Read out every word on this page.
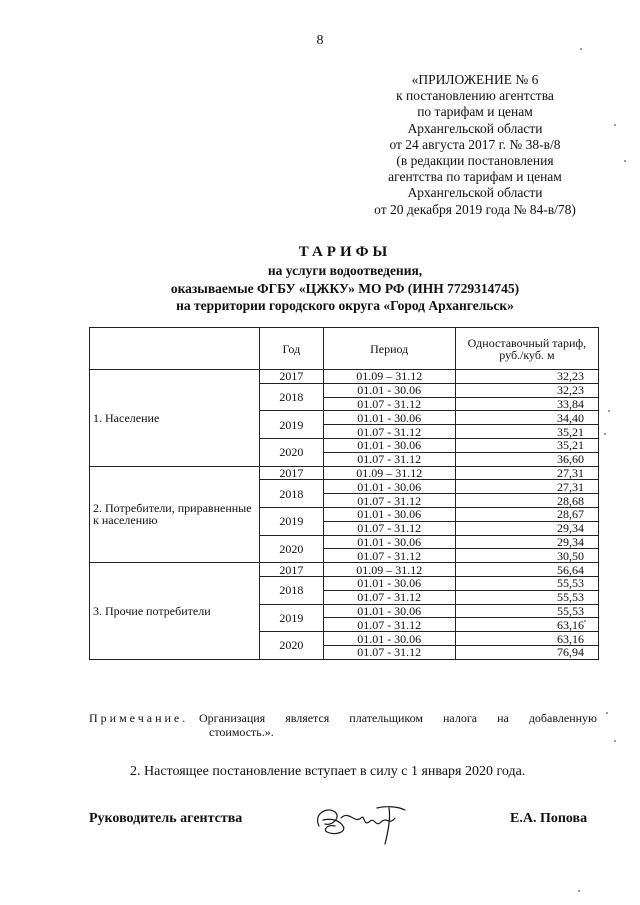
8
«ПРИЛОЖЕНИЕ № 6
к постановлению агентства
по тарифам и ценам
Архангельской области
от 24 августа 2017 г. № 38-в/8
(в редакции постановления
агентства по тарифам и ценам
Архангельской области
от 20 декабря 2019 года № 84-в/78)
ТАРИФЫ
на услуги водоотведения,
оказываемые ФГБУ «ЦЖКУ» МО РФ (ИНН 7729314745)
на территории городского округа «Город Архангельск»
	Год	Период	Одноставочный тариф, руб./куб. м
1. Население	2017	01.09 – 31.12	32,23
	2018	01.01 - 30.06	32,23
		01.07 - 31.12	33,84
	2019	01.01 - 30.06	34,40
		01.07 - 31.12	35,21
	2020	01.01 - 30.06	35,21
		01.07 - 31.12	36,60
2. Потребители, приравненные к населению	2017	01.09 – 31.12	27,31
	2018	01.01 - 30.06	27,31
		01.07 - 31.12	28,68
	2019	01.01 - 30.06	28,67
		01.07 - 31.12	29,34
	2020	01.01 - 30.06	29,34
		01.07 - 31.12	30,50
3. Прочие потребители	2017	01.09 – 31.12	56,64
	2018	01.01 - 30.06	55,53
		01.07 - 31.12	55,53
	2019	01.01 - 30.06	55,53
		01.07 - 31.12	63,16
	2020	01.01 - 30.06	63,16
		01.07 - 31.12	76,94
Примечание. Организация является плательщиком налога на добавленную
стоимость.».
2. Настоящее постановление вступает в силу с 1 января 2020 года.
Руководитель агентства	Е.А. Попова
